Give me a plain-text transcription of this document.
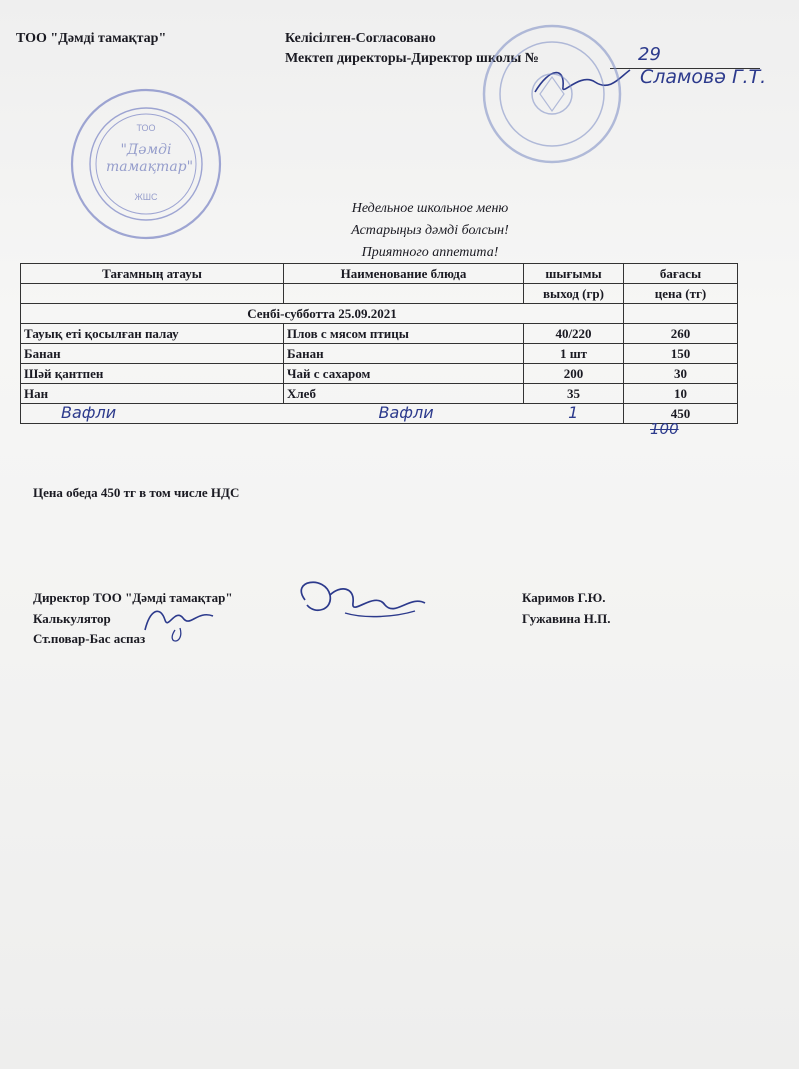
ТОО "Дәмді тамақтар"	Келісілген-Согласовано
Мектеп директоры-Директор школы №	29
Сламовә Г.Т.
ТОО
"Дәмді тамақтар"
ЖШС
Недельное школьное меню
Астарыңыз дәмді болсын!
Приятного аппетита!
Тағамның атауы	Наименование блюда	шығымы	бағасы
		выход (гр)	цена (тг)
Сенбі-субботта 25.09.2021			
Тауық еті қосылған палау	Плов с мясом птицы	40/220	260
Банан	Банан	1 шт	150
Шәй қантпен	Чай с сахаром	200	30
Нан	Хлеб	35	10
Вафли	Вафли	1	450
100
Цена обеда 450 тг в том числе НДС
Директор ТОО "Дәмді тамақтар"
Калькулятор
Ст.повар-Бас аспаз
Каримов Г.Ю.
Гужавина Н.П.
